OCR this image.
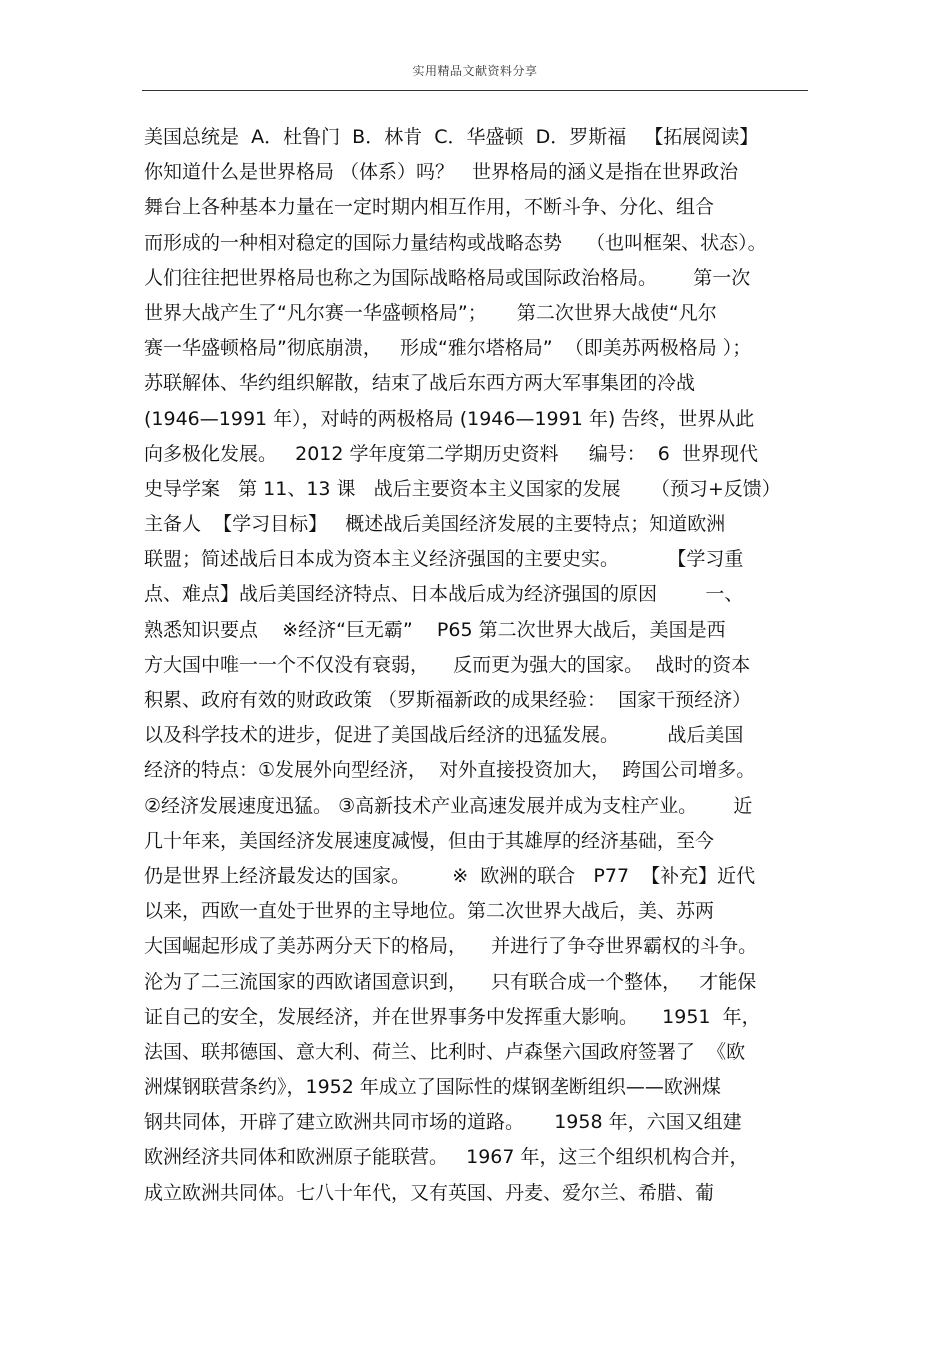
实用精品文献资料分享
美国总统是  A．杜鲁门  B．林肯  C．华盛顿  D．罗斯福   【拓展阅读】
你知道什么是世界格局 （体系）吗？   世界格局的涵义是指在世界政治
舞台上各种基本力量在一定时期内相互作用，不断斗争、分化、组合
而形成的一种相对稳定的国际力量结构或战略态势    （也叫框架、状态）。
人们往往把世界格局也称之为国际战略格局或国际政治格局。      第一次
世界大战产生了“凡尔赛一华盛顿格局”；     第二次世界大战使“凡尔
赛一华盛顿格局”彻底崩溃，   形成“雅尔塔格局”  （即美苏两极格局 ）；
苏联解体、华约组织解散，结束了战后东西方两大军事集团的冷战
(1946—1991 年），对峙的两极格局 (1946—1991 年) 告终，世界从此
向多极化发展。   2012 学年度第二学期历史资料     编号：  6  世界现代
史导学案   第 11、13 课   战后主要资本主义国家的发展     （预习+反馈）
主备人  【学习目标】   概述战后美国经济发展的主要特点；知道欧洲
联盟；简述战后日本成为资本主义经济强国的主要史实。        【学习重
点、难点】战后美国经济特点、日本战后成为经济强国的原因        一、
熟悉知识要点    ※经济“巨无霸”    P65 第二次世界大战后，美国是西
方大国中唯一一个不仅没有衰弱，    反而更为强大的国家。  战时的资本
积累、政府有效的财政政策 （罗斯福新政的成果经验：  国家干预经济）
以及科学技术的进步，促进了美国战后经济的迅猛发展。        战后美国
经济的特点：①发展外向型经济，  对外直接投资加大，  跨国公司增多。
②经济发展速度迅猛。 ③高新技术产业高速发展并成为支柱产业。      近
几十年来，美国经济发展速度减慢，但由于其雄厚的经济基础，至今
仍是世界上经济最发达的国家。       ※  欧洲的联合   P77  【补充】近代
以来，西欧一直处于世界的主导地位。第二次世界大战后，美、苏两
大国崛起形成了美苏两分天下的格局，    并进行了争夺世界霸权的斗争。
沦为了二三流国家的西欧诸国意识到，    只有联合成一个整体，   才能保
证自己的安全，发展经济，并在世界事务中发挥重大影响。    1951  年，
法国、联邦德国、意大利、荷兰、比利时、卢森堡六国政府签署了  《欧
洲煤钢联营条约》，1952 年成立了国际性的煤钢垄断组织——欧洲煤
钢共同体，开辟了建立欧洲共同市场的道路。     1958 年，六国又组建
欧洲经济共同体和欧洲原子能联营。   1967 年，这三个组织机构合并，
成立欧洲共同体。七八十年代，又有英国、丹麦、爱尔兰、希腊、葡
